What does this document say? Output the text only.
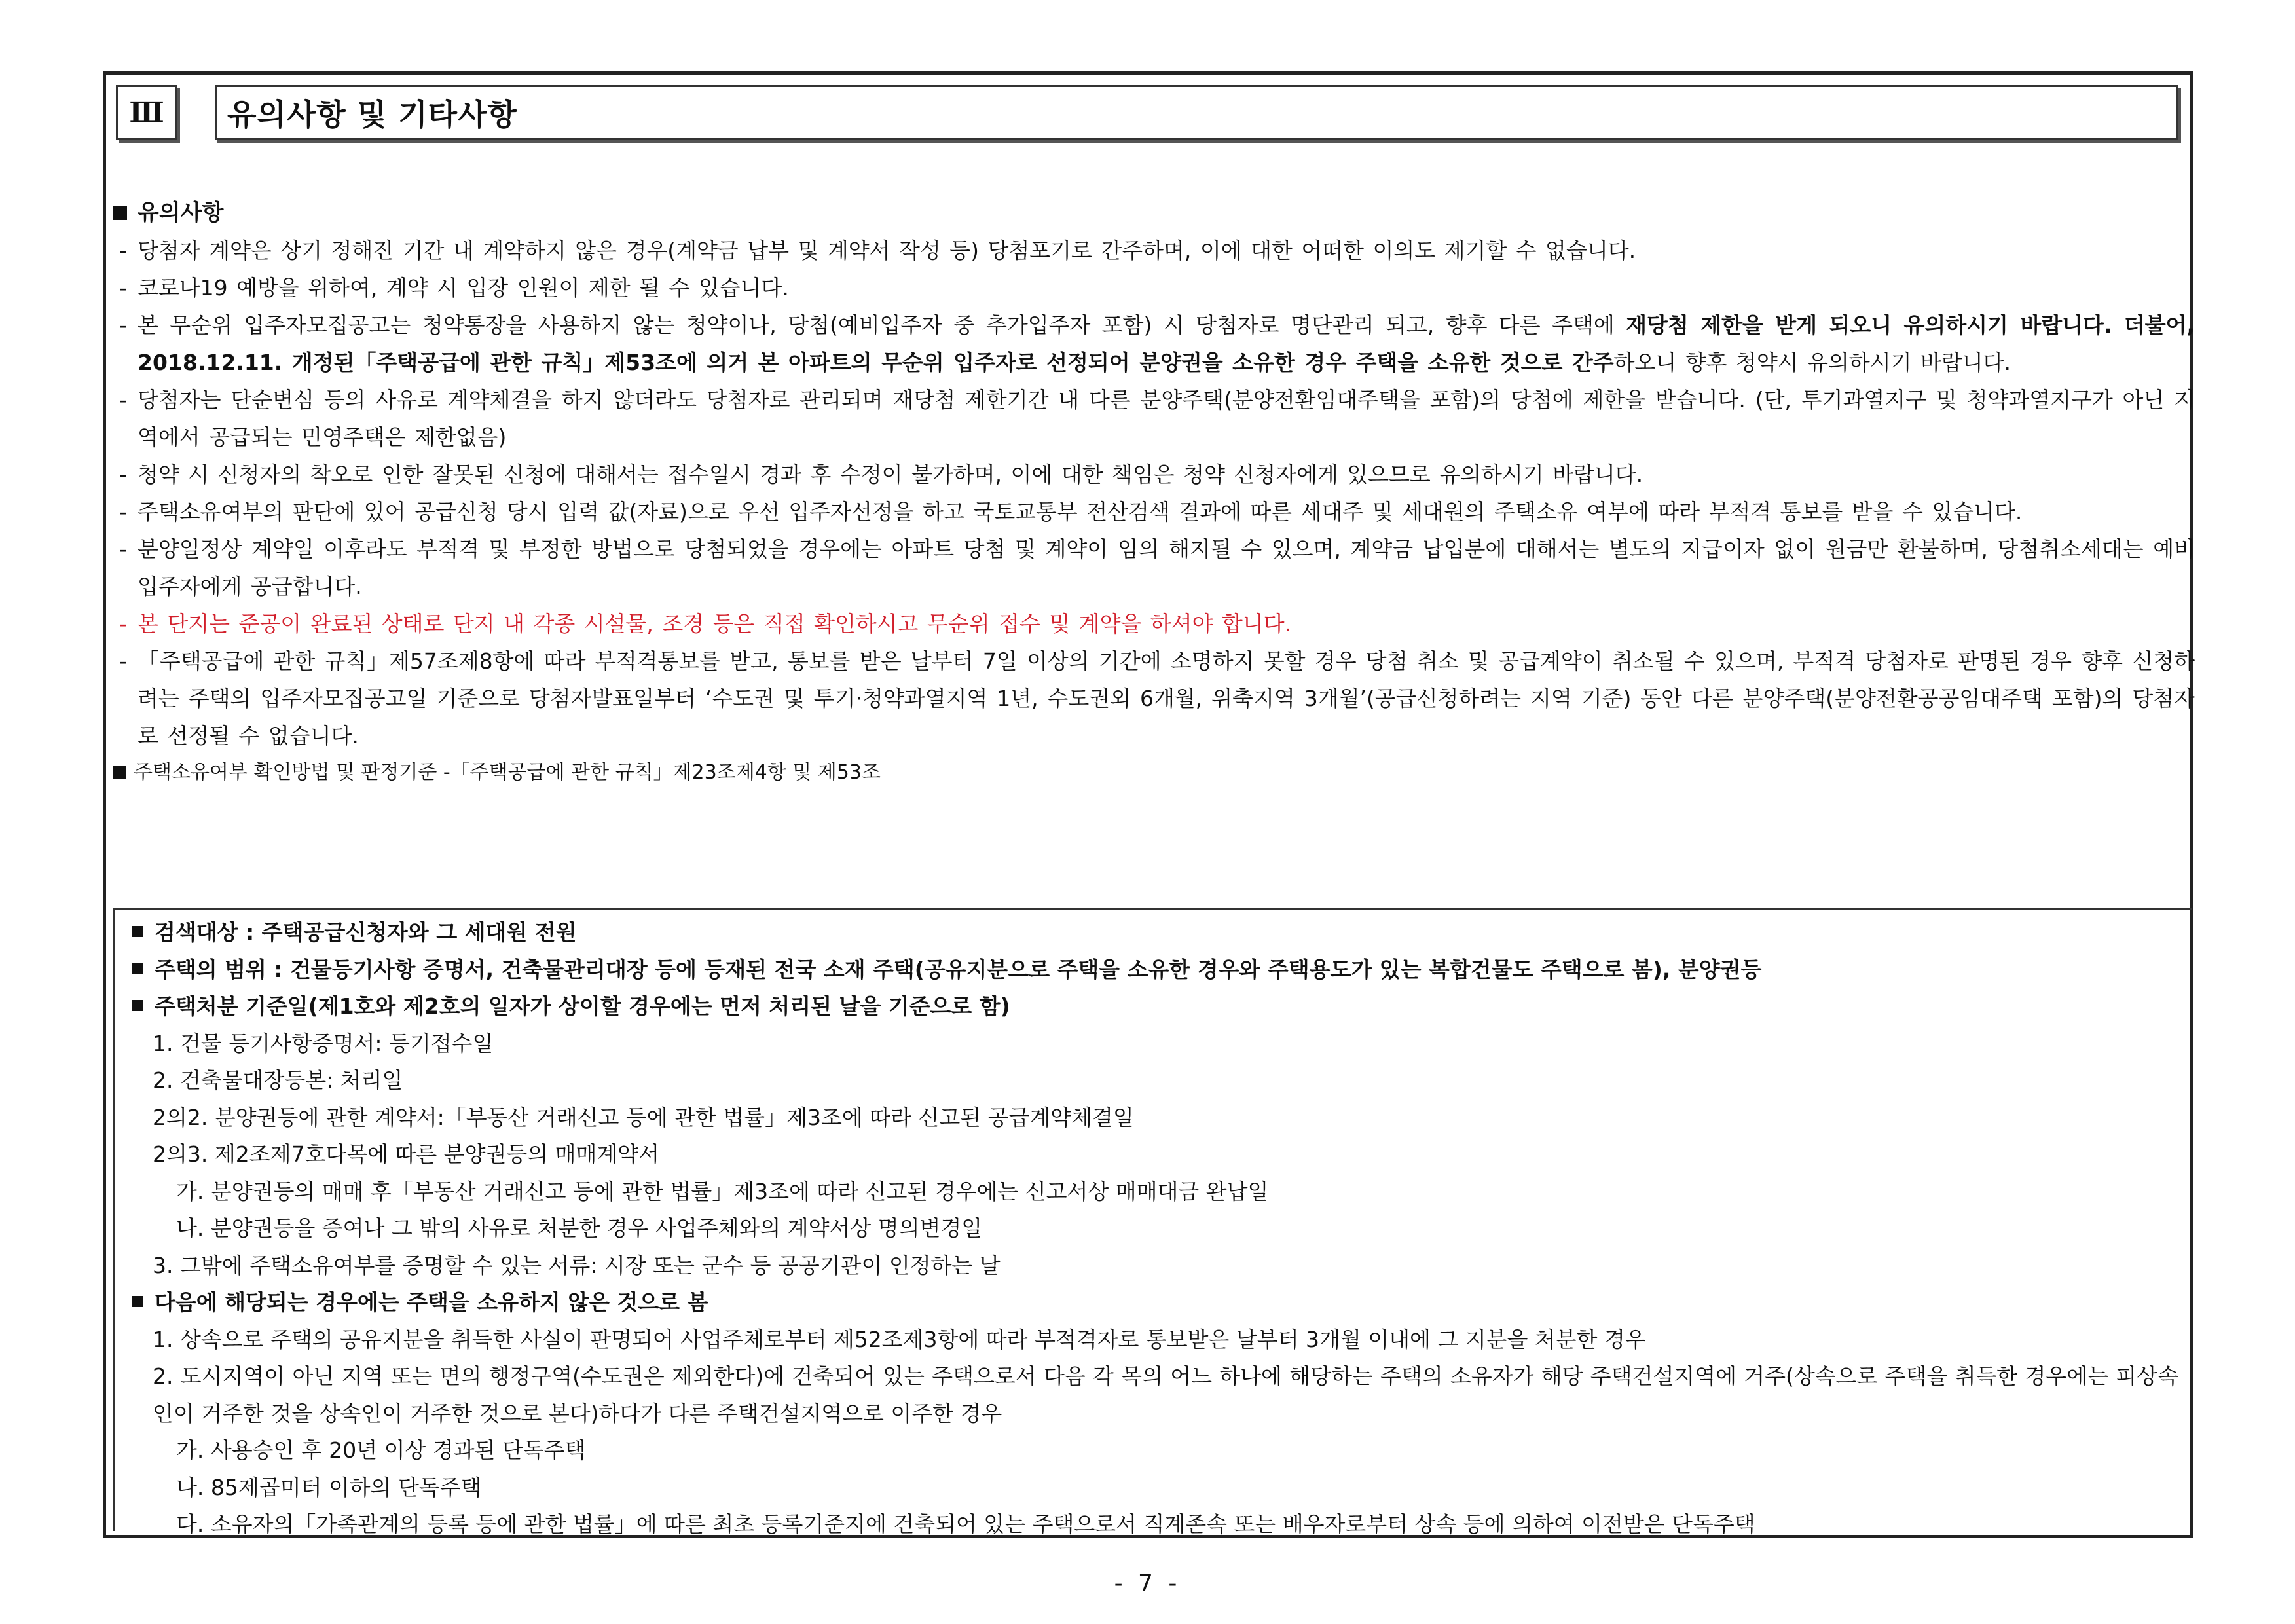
Ⅲ	유의사항 및 기타사항
유의사항
- 당첨자 계약은 상기 정해진 기간 내 계약하지 않은 경우(계약금 납부 및 계약서 작성 등) 당첨포기로 간주하며, 이에 대한 어떠한 이의도 제기할 수 없습니다.
- 코로나19 예방을 위하여, 계약 시 입장 인원이 제한 될 수 있습니다.
- 본 무순위 입주자모집공고는 청약통장을 사용하지 않는 청약이나, 당첨(예비입주자 중 추가입주자 포함) 시 당첨자로 명단관리 되고, 향후 다른 주택에 재당첨 제한을 받게 되오니 유의하시기 바랍니다. 더불어, 2018.12.11. 개정된「주택공급에 관한 규칙」제53조에 의거 본 아파트의 무순위 입주자로 선정되어 분양권을 소유한 경우 주택을 소유한 것으로 간주하오니 향후 청약시 유의하시기 바랍니다.
- 당첨자는 단순변심 등의 사유로 계약체결을 하지 않더라도 당첨자로 관리되며 재당첨 제한기간 내 다른 분양주택(분양전환임대주택을 포함)의 당첨에 제한을 받습니다. (단, 투기과열지구 및 청약과열지구가 아닌 지역에서 공급되는 민영주택은 제한없음)
- 청약 시 신청자의 착오로 인한 잘못된 신청에 대해서는 접수일시 경과 후 수정이 불가하며, 이에 대한 책임은 청약 신청자에게 있으므로 유의하시기 바랍니다.
- 주택소유여부의 판단에 있어 공급신청 당시 입력 값(자료)으로 우선 입주자선정을 하고 국토교통부 전산검색 결과에 따른 세대주 및 세대원의 주택소유 여부에 따라 부적격 통보를 받을 수 있습니다.
- 분양일정상 계약일 이후라도 부적격 및 부정한 방법으로 당첨되었을 경우에는 아파트 당첨 및 계약이 임의 해지될 수 있으며, 계약금 납입분에 대해서는 별도의 지급이자 없이 원금만 환불하며, 당첨취소세대는 예비입주자에게 공급합니다.
- 본 단지는 준공이 완료된 상태로 단지 내 각종 시설물, 조경 등은 직접 확인하시고 무순위 접수 및 계약을 하셔야 합니다.
- 「주택공급에 관한 규칙」제57조제8항에 따라 부적격통보를 받고, 통보를 받은 날부터 7일 이상의 기간에 소명하지 못할 경우 당첨 취소 및 공급계약이 취소될 수 있으며, 부적격 당첨자로 판명된 경우 향후 신청하려는 주택의 입주자모집공고일 기준으로 당첨자발표일부터 ‘수도권 및 투기·청약과열지역 1년, 수도권외 6개월, 위축지역 3개월’(공급신청하려는 지역 기준) 동안 다른 분양주택(분양전환공공임대주택 포함)의 당첨자로 선정될 수 없습니다.
주택소유여부 확인방법 및 판정기준 -「주택공급에 관한 규칙」제23조제4항 및 제53조
검색대상 : 주택공급신청자와 그 세대원 전원
주택의 범위 : 건물등기사항 증명서, 건축물관리대장 등에 등재된 전국 소재 주택(공유지분으로 주택을 소유한 경우와 주택용도가 있는 복합건물도 주택으로 봄), 분양권등
주택처분 기준일(제1호와 제2호의 일자가 상이할 경우에는 먼저 처리된 날을 기준으로 함)
1. 건물 등기사항증명서: 등기접수일
2. 건축물대장등본: 처리일
2의2. 분양권등에 관한 계약서:「부동산 거래신고 등에 관한 법률」제3조에 따라 신고된 공급계약체결일
2의3. 제2조제7호다목에 따른 분양권등의 매매계약서
가. 분양권등의 매매 후「부동산 거래신고 등에 관한 법률」제3조에 따라 신고된 경우에는 신고서상 매매대금 완납일
나. 분양권등을 증여나 그 밖의 사유로 처분한 경우 사업주체와의 계약서상 명의변경일
3. 그밖에 주택소유여부를 증명할 수 있는 서류: 시장 또는 군수 등 공공기관이 인정하는 날
다음에 해당되는 경우에는 주택을 소유하지 않은 것으로 봄
1. 상속으로 주택의 공유지분을 취득한 사실이 판명되어 사업주체로부터 제52조제3항에 따라 부적격자로 통보받은 날부터 3개월 이내에 그 지분을 처분한 경우
2. 도시지역이 아닌 지역 또는 면의 행정구역(수도권은 제외한다)에 건축되어 있는 주택으로서 다음 각 목의 어느 하나에 해당하는 주택의 소유자가 해당 주택건설지역에 거주(상속으로 주택을 취득한 경우에는 피상속인이 거주한 것을 상속인이 거주한 것으로 본다)하다가 다른 주택건설지역으로 이주한 경우
가. 사용승인 후 20년 이상 경과된 단독주택
나. 85제곱미터 이하의 단독주택
다. 소유자의「가족관계의 등록 등에 관한 법률」에 따른 최초 등록기준지에 건축되어 있는 주택으로서 직계존속 또는 배우자로부터 상속 등에 의하여 이전받은 단독주택
- 7 -
